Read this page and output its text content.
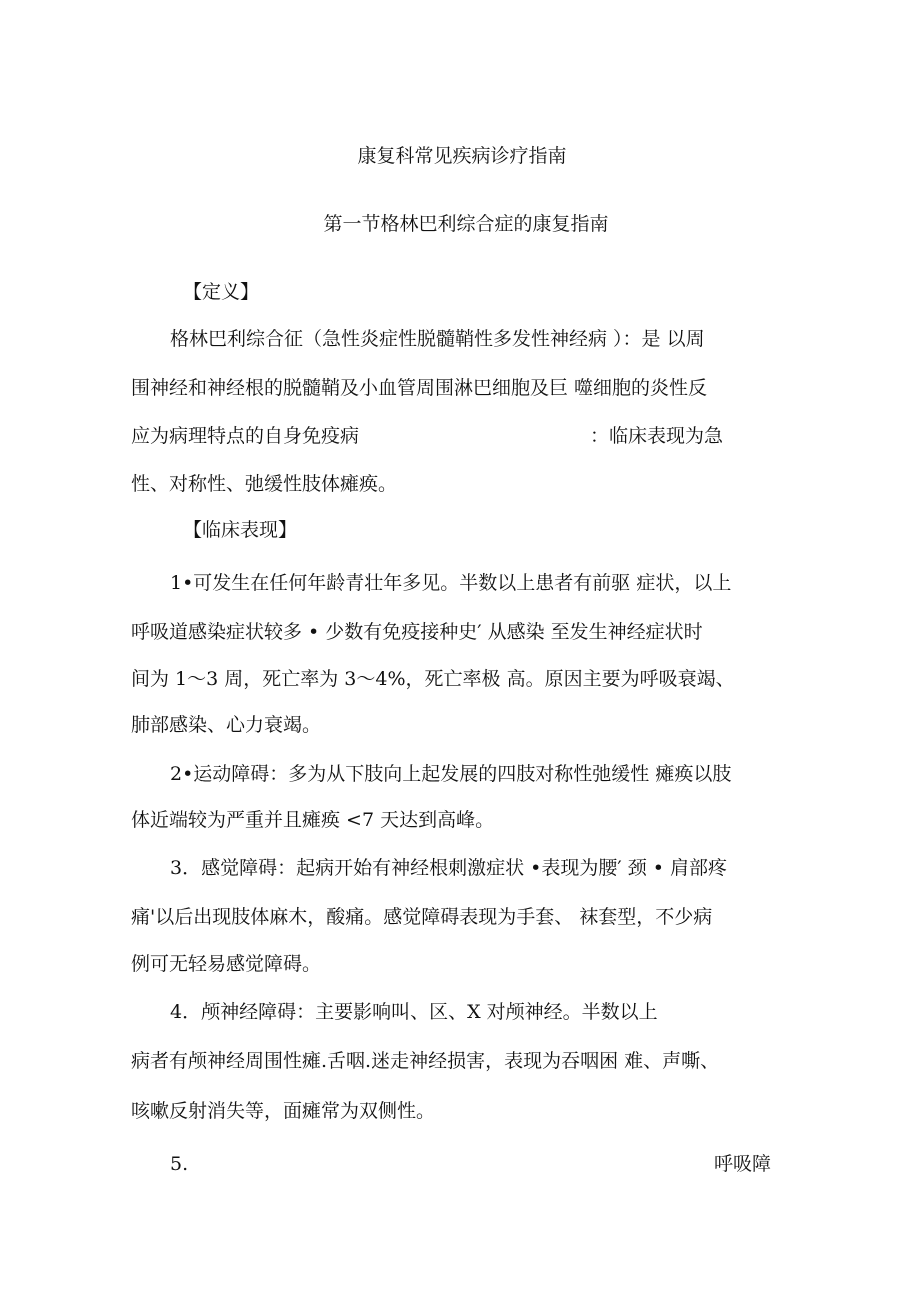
康复科常见疾病诊疗指南
第一节格林巴利综合症的康复指南
【定义】
格林巴利综合征（急性炎症性脱髓鞘性多发性神经病 ）：是 以周
围神经和神经根的脱髓鞘及小血管周围淋巴细胞及巨 噬细胞的炎性反
应为病理特点的自身免疫病	：临床表现为急
性、对称性、弛缓性肢体瘫痪。
【临床表现】
1•可发生在任何年龄青壮年多见。半数以上患者有前驱 症状，以上
呼吸道感染症状较多 • 少数有免疫接种史′ 从感染 至发生神经症状时
间为 1～3 周，死亡率为 3～4%，死亡率极 高。原因主要为呼吸衰竭、
肺部感染、心力衰竭。
2•运动障碍：多为从下肢向上起发展的四肢对称性弛缓性 瘫痪以肢
体近端较为严重并且瘫痪 <7 天达到高峰。
3．感觉障碍：起病开始有神经根刺激症状 •表现为腰′ 颈 • 肩部疼
痛'以后出现肢体麻木，酸痛。感觉障碍表现为手套、 袜套型，不少病
例可无轻易感觉障碍。
4．颅神经障碍：主要影响叫、区、X 对颅神经。半数以上
病者有颅神经周围性瘫.舌咽.迷走神经损害，表现为吞咽困 难、声嘶、
咳嗽反射消失等，面瘫常为双侧性。
5.	呼吸障
